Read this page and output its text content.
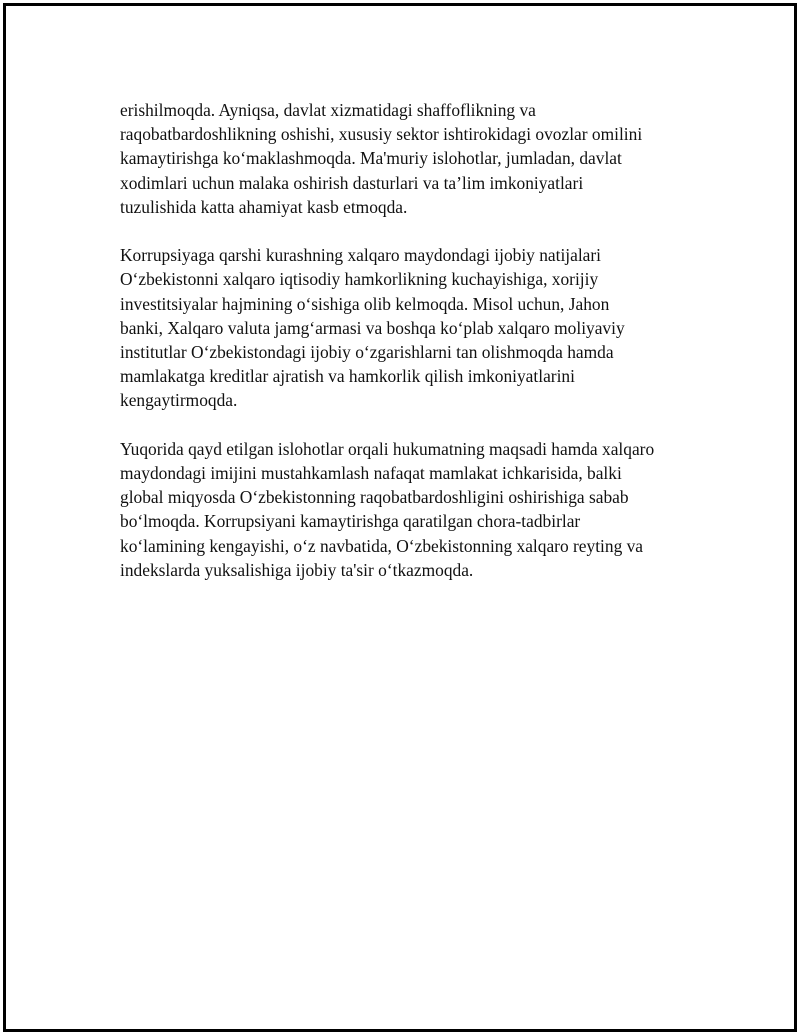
erishilmoqda. Ayniqsa, davlat xizmatidagi shaffoflikning va
raqobatbardoshlikning oshishi, xususiy sektor ishtirokidagi ovozlar omilini
kamaytirishga ko‘maklashmoqda. Ma'muriy islohotlar, jumladan, davlat
xodimlari uchun malaka oshirish dasturlari va ta’lim imkoniyatlari
tuzulishida katta ahamiyat kasb etmoqda.

Korrupsiyaga qarshi kurashning xalqaro maydondagi ijobiy natijalari
O‘zbekistonni xalqaro iqtisodiy hamkorlikning kuchayishiga, xorijiy
investitsiyalar hajmining o‘sishiga olib kelmoqda. Misol uchun, Jahon
banki, Xalqaro valuta jamg‘armasi va boshqa ko‘plab xalqaro moliyaviy
institutlar O‘zbekistondagi ijobiy o‘zgarishlarni tan olishmoqda hamda
mamlakatga kreditlar ajratish va hamkorlik qilish imkoniyatlarini
kengaytirmoqda.

Yuqorida qayd etilgan islohotlar orqali hukumatning maqsadi hamda xalqaro
maydondagi imijini mustahkamlash nafaqat mamlakat ichkarisida, balki
global miqyosda O‘zbekistonning raqobatbardoshligini oshirishiga sabab
bo‘lmoqda. Korrupsiyani kamaytirishga qaratilgan chora-tadbirlar
ko‘lamining kengayishi, o‘z navbatida, O‘zbekistonning xalqaro reyting va
indekslarda yuksalishiga ijobiy ta'sir o‘tkazmoqda.
